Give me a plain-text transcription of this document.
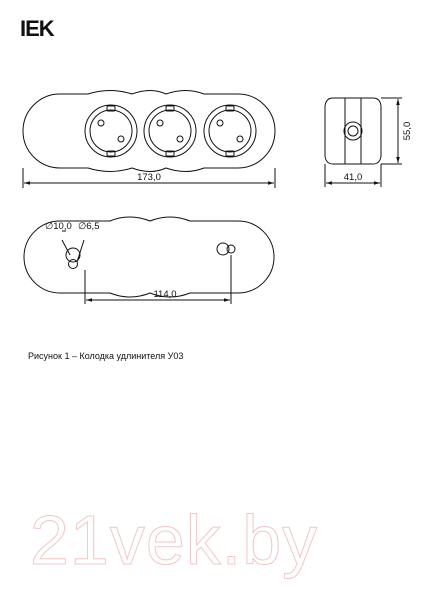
IEK
173,0	41,0
55,0
∅10,0 ∅6,5
114,0
Рисунок 1 – Колодка удлинителя У03
21vek.by
